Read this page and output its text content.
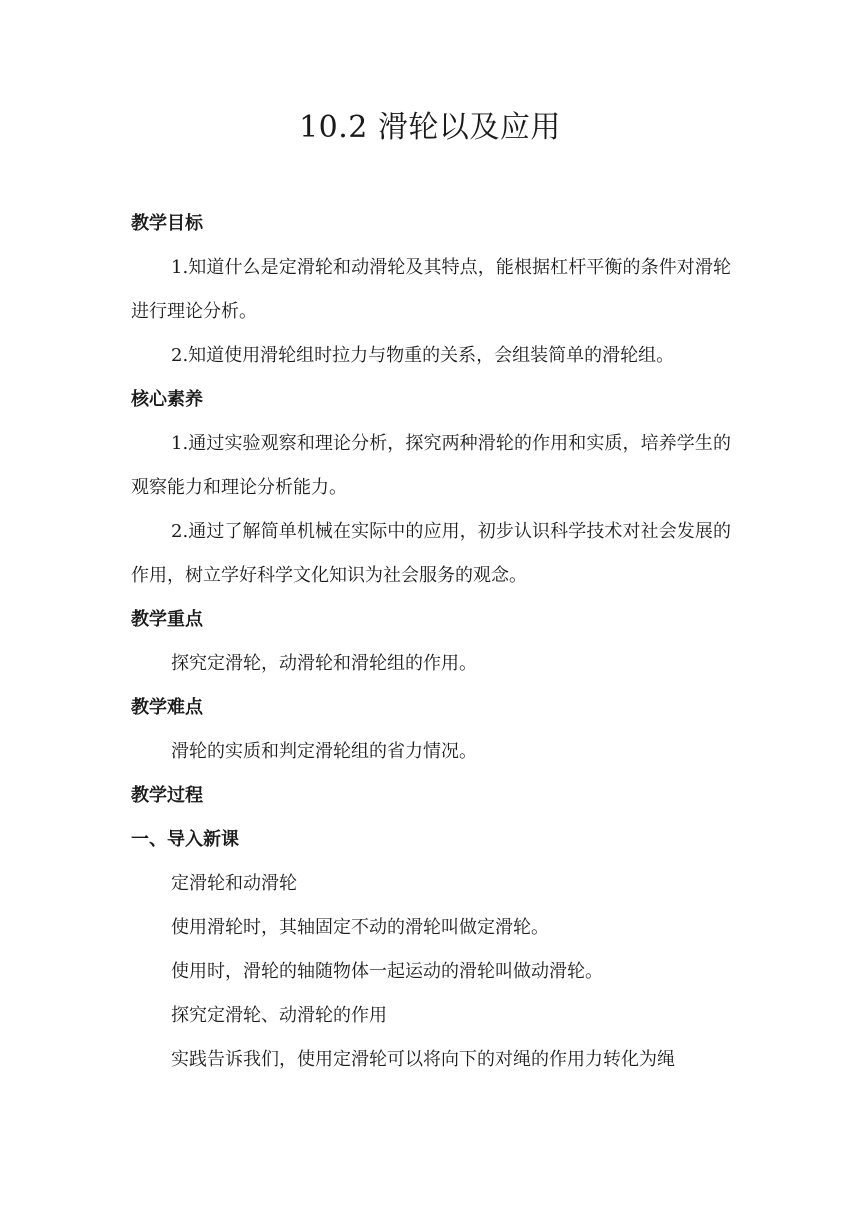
10.2 滑轮以及应用
教学目标

1.知道什么是定滑轮和动滑轮及其特点，能根据杠杆平衡的条件对滑轮进行理论分析。

2.知道使用滑轮组时拉力与物重的关系，会组装简单的滑轮组。

核心素养

1.通过实验观察和理论分析，探究两种滑轮的作用和实质，培养学生的观察能力和理论分析能力。

2.通过了解简单机械在实际中的应用，初步认识科学技术对社会发展的作用，树立学好科学文化知识为社会服务的观念。

教学重点

探究定滑轮，动滑轮和滑轮组的作用。

教学难点

滑轮的实质和判定滑轮组的省力情况。

教学过程
一、导入新课

定滑轮和动滑轮

使用滑轮时，其轴固定不动的滑轮叫做定滑轮。

使用时，滑轮的轴随物体一起运动的滑轮叫做动滑轮。

探究定滑轮、动滑轮的作用

实践告诉我们，使用定滑轮可以将向下的对绳的作用力转化为绳
